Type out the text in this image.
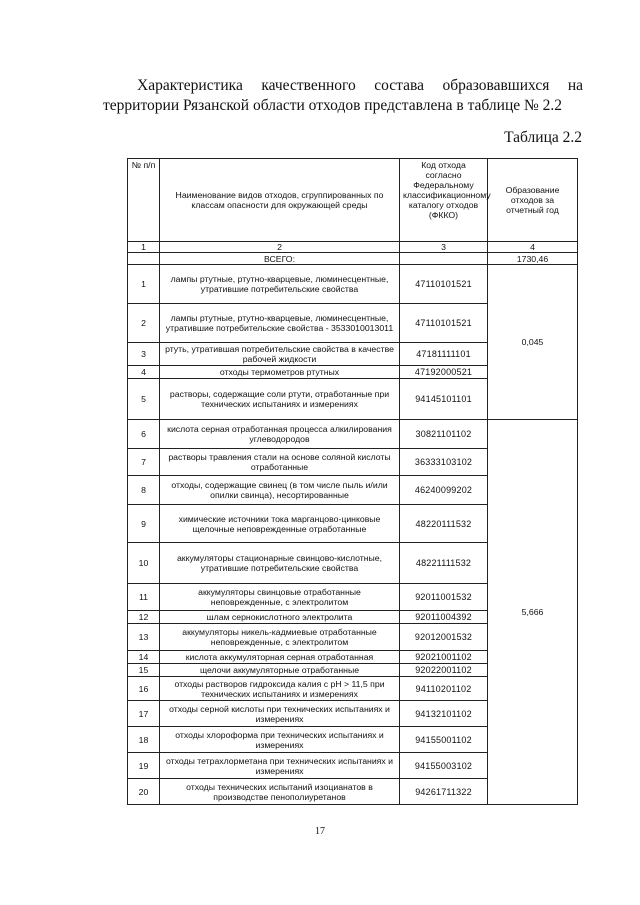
Характеристика качественного состава образовавшихся на территории Рязанской области отходов представлена в таблице № 2.2
Таблица 2.2
№ п/п	Наименование видов отходов, сгруппированных по классам опасности для окружающей среды	Код отхода согласно Федеральному классификационному каталогу отходов (ФККО)	Образование отходов за отчетный год
1	2	3	4
	ВСЕГО:		1730,46
1	лампы ртутные, ртутно-кварцевые, люминесцентные, утратившие потребительские свойства	47110101521	0,045
2	лампы ртутные, ртутно-кварцевые, люминесцентные, утратившие потребительские свойства - 3533010013011	47110101521	
3	ртуть, утратившая потребительские свойства в качестве рабочей жидкости	47181111101	
4	отходы термометров ртутных	47192000521	
5	растворы, содержащие соли ртути, отработанные при технических испытаниях и измерениях	94145101101	
6	кислота серная отработанная процесса алкилирования углеводородов	30821101102	5,666
7	растворы травления стали на основе соляной кислоты отработанные	36333103102	
8	отходы, содержащие свинец (в том числе пыль и/или опилки свинца), несортированные	46240099202	
9	химические источники тока марганцово-цинковые щелочные неповрежденные отработанные	48220111532	
10	аккумуляторы стационарные свинцово-кислотные, утратившие потребительские свойства	48221111532	
11	аккумуляторы свинцовые отработанные неповрежденные, с электролитом	92011001532	
12	шлам сернокислотного электролита	92011004392	
13	аккумуляторы никель-кадмиевые отработанные неповрежденные, с электролитом	92012001532	
14	кислота аккумуляторная серная отработанная	92021001102	
15	щелочи аккумуляторные отработанные	92022001102	
16	отходы растворов гидроксида калия с pH > 11,5 при технических испытаниях и измерениях	94110201102	
17	отходы серной кислоты при технических испытаниях и измерениях	94132101102	
18	отходы хлороформа при технических испытаниях и измерениях	94155001102	
19	отходы тетрахлорметана при технических испытаниях и измерениях	94155003102	
20	отходы технических испытаний изоцианатов в производстве пенополиуретанов	94261711322	
17
